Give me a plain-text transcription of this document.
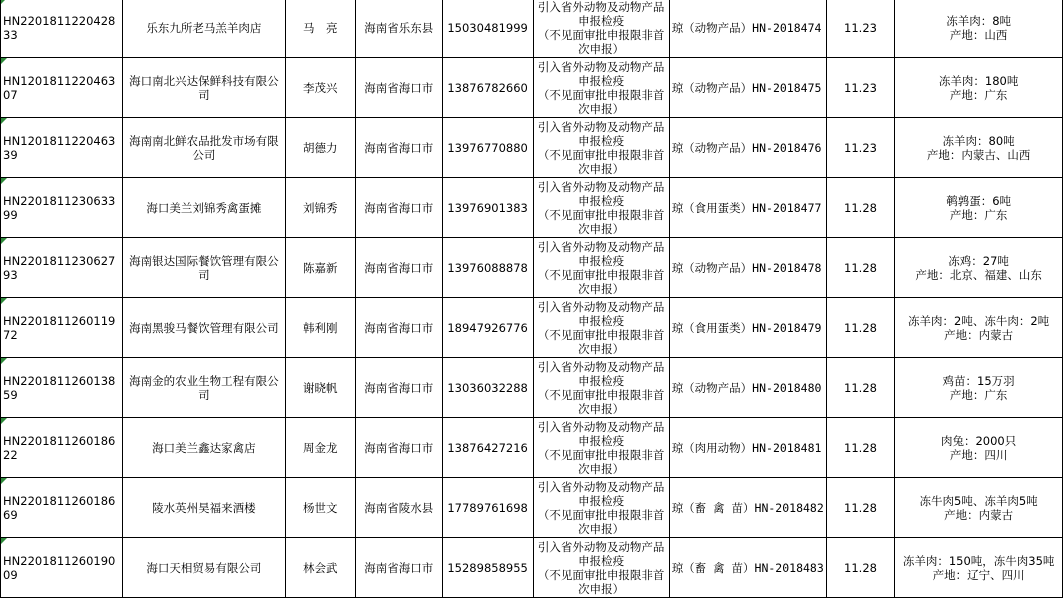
HN220181122042833	乐东九所老马羔羊肉店	马　亮	海南省乐东县	15030481999	引入省外动物及动物产品
申报检疫
（不见面审批申报限非首
次申报）	琼（动物产品）HN-2018474	11.23	冻羊肉：8吨
产地：山西

HN120181122046307	海口南北兴达保鲜科技有限公司	李茂兴	海南省海口市	13876782660	引入省外动物及动物产品
申报检疫
（不见面审批申报限非首
次申报）	琼（动物产品）HN-2018475	11.23	冻羊肉：180吨
产地：广东

HN120181122046339	海南南北鲜农品批发市场有限公司	胡德力	海南省海口市	13976770880	引入省外动物及动物产品
申报检疫
（不见面审批申报限非首
次申报）	琼（动物产品）HN-2018476	11.23	冻羊肉：80吨
产地：内蒙古、山西

HN220181123063399	海口美兰刘锦秀禽蛋摊	刘锦秀	海南省海口市	13976901383	引入省外动物及动物产品
申报检疫
（不见面审批申报限非首
次申报）	琼（食用蛋类）HN-2018477	11.28	鹌鹑蛋：6吨
产地：广东

HN220181123062793	海南银达国际餐饮管理有限公司	陈嘉新	海南省海口市	13976088878	引入省外动物及动物产品
申报检疫
（不见面审批申报限非首
次申报）	琼（动物产品）HN-2018478	11.28	冻鸡：27吨
产地：北京、福建、山东

HN220181126011972	海南黑骏马餐饮管理有限公司	韩利刚	海南省海口市	18947926776	引入省外动物及动物产品
申报检疫
（不见面审批申报限非首
次申报）	琼（食用蛋类）HN-2018479	11.28	冻羊肉：2吨、冻牛肉：2吨
产地：内蒙古

HN220181126013859	海南金的农业生物工程有限公司	谢晓帆	海南省海口市	13036032288	引入省外动物及动物产品
申报检疫
（不见面审批申报限非首
次申报）	琼（动物产品）HN-2018480	11.28	鸡苗：15万羽
产地：广东

HN220181126018622	海口美兰鑫达家禽店	周金龙	海南省海口市	13876427216	引入省外动物及动物产品
申报检疫
（不见面审批申报限非首
次申报）	琼（肉用动物）HN-2018481	11.28	肉兔：2000只
产地：四川

HN220181126018669	陵水英州昊福来酒楼	杨世文	海南省陵水县	17789761698	引入省外动物及动物产品
申报检疫
（不见面审批申报限非首
次申报）	琼（畜 禽 苗）HN-2018482	11.28	冻牛肉5吨、冻羊肉5吨
产地：内蒙古

HN220181126019009	海口天相贸易有限公司	林会武	海南省海口市	15289858955	引入省外动物及动物产品
申报检疫
（不见面审批申报限非首
次申报）	琼（畜 禽 苗）HN-2018483	11.28	冻羊肉：150吨，冻牛肉35吨
产地：辽宁、四川
